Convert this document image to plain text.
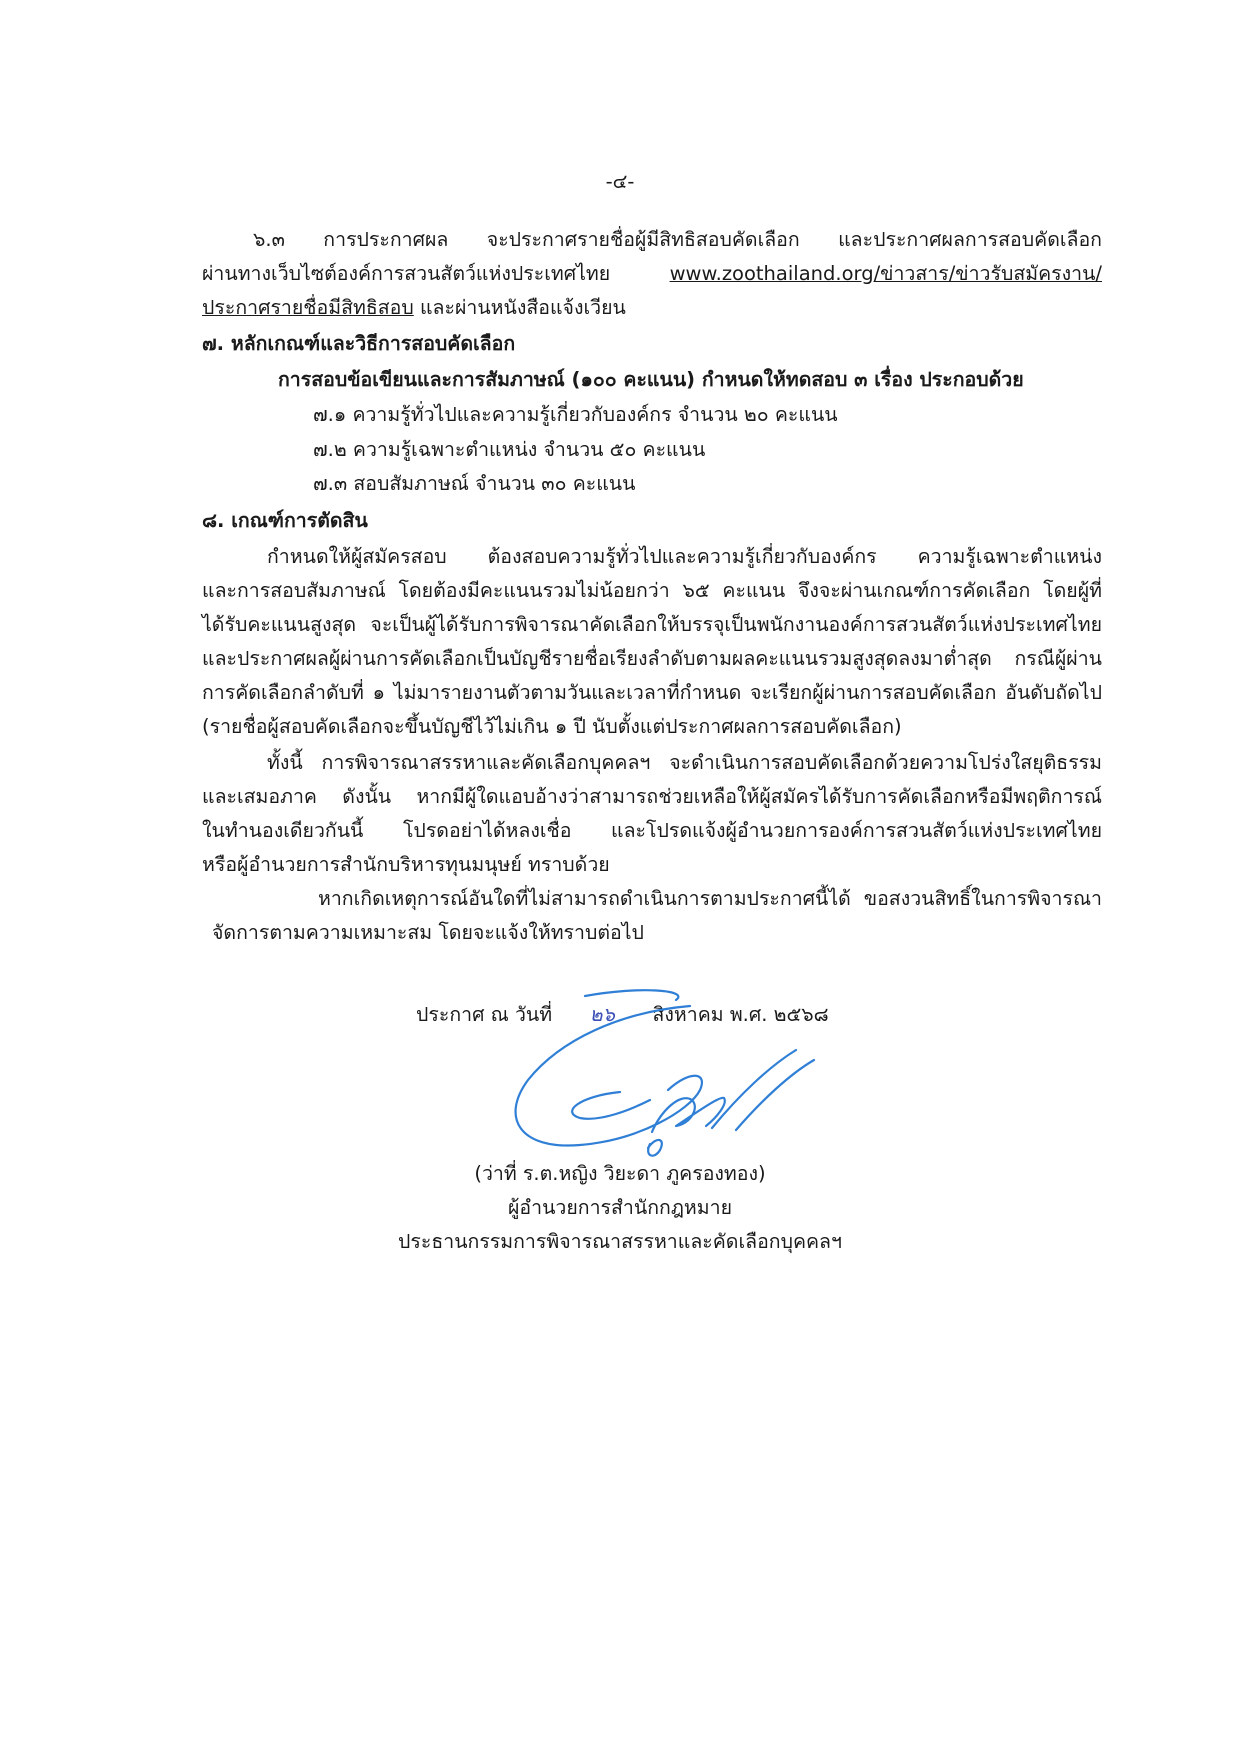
-๔-
๖.๓ การประกาศผล จะประกาศรายชื่อผู้มีสิทธิสอบคัดเลือก และประกาศผลการสอบคัดเลือก
ผ่านทางเว็บไซต์องค์การสวนสัตว์แห่งประเทศไทย	www.zoothailand.org/ข่าวสาร/ข่าวรับสมัครงาน/
ประกาศรายชื่อมีสิทธิสอบ และผ่านหนังสือแจ้งเวียน
๗. หลักเกณฑ์และวิธีการสอบคัดเลือก
การสอบข้อเขียนและการสัมภาษณ์ (๑๐๐ คะแนน) กำหนดให้ทดสอบ ๓ เรื่อง ประกอบด้วย
๗.๑ ความรู้ทั่วไปและความรู้เกี่ยวกับองค์กร จำนวน ๒๐ คะแนน
๗.๒ ความรู้เฉพาะตำแหน่ง จำนวน ๕๐ คะแนน
๗.๓ สอบสัมภาษณ์ จำนวน ๓๐ คะแนน
๘. เกณฑ์การตัดสิน
กำหนดให้ผู้สมัครสอบ ต้องสอบความรู้ทั่วไปและความรู้เกี่ยวกับองค์กร ความรู้เฉพาะตำแหน่ง
และการสอบสัมภาษณ์ โดยต้องมีคะแนนรวมไม่น้อยกว่า ๖๕ คะแนน จึงจะผ่านเกณฑ์การคัดเลือก โดยผู้ที่
ได้รับคะแนนสูงสุด จะเป็นผู้ได้รับการพิจารณาคัดเลือกให้บรรจุเป็นพนักงานองค์การสวนสัตว์แห่งประเทศไทย
และประกาศผลผู้ผ่านการคัดเลือกเป็นบัญชีรายชื่อเรียงลำดับตามผลคะแนนรวมสูงสุดลงมาต่ำสุด กรณีผู้ผ่าน
การคัดเลือกลำดับที่ ๑ ไม่มารายงานตัวตามวันและเวลาที่กำหนด จะเรียกผู้ผ่านการสอบคัดเลือก อันดับถัดไป
(รายชื่อผู้สอบคัดเลือกจะขึ้นบัญชีไว้ไม่เกิน ๑ ปี นับตั้งแต่ประกาศผลการสอบคัดเลือก)
ทั้งนี้ การพิจารณาสรรหาและคัดเลือกบุคคลฯ จะดำเนินการสอบคัดเลือกด้วยความโปร่งใสยุติธรรม
และเสมอภาค ดังนั้น หากมีผู้ใดแอบอ้างว่าสามารถช่วยเหลือให้ผู้สมัครได้รับการคัดเลือกหรือมีพฤติการณ์
ในทำนองเดียวกันนี้ โปรดอย่าได้หลงเชื่อ และโปรดแจ้งผู้อำนวยการองค์การสวนสัตว์แห่งประเทศไทย
หรือผู้อำนวยการสำนักบริหารทุนมนุษย์ ทราบด้วย
หากเกิดเหตุการณ์อันใดที่ไม่สามารถดำเนินการตามประกาศนี้ได้ ขอสงวนสิทธิ์ในการพิจารณา
จัดการตามความเหมาะสม โดยจะแจ้งให้ทราบต่อไป
ประกาศ ณ วันที่ ๒๖ สิงหาคม พ.ศ. ๒๕๖๘
(ว่าที่ ร.ต.หญิง วิยะดา ภูครองทอง)
ผู้อำนวยการสำนักกฎหมาย
ประธานกรรมการพิจารณาสรรหาและคัดเลือกบุคคลฯ
